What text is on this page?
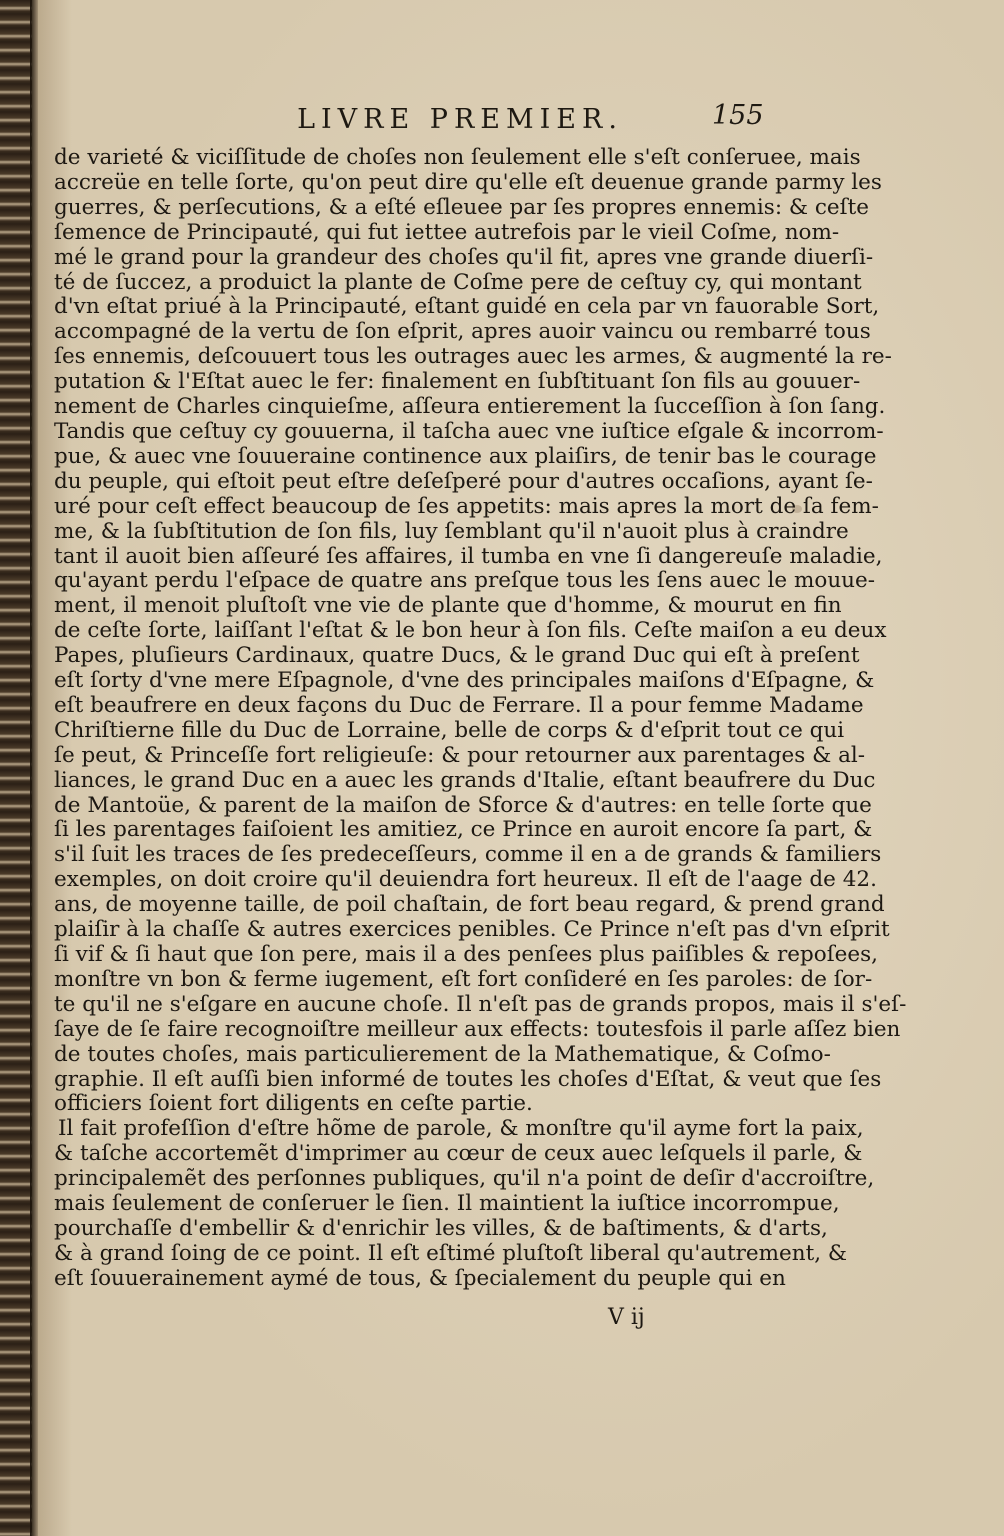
LIVRE PREMIER.	155
de varieté & viciſſitude de choſes non ſeulement elle s'eſt conſeruee, mais
accreüe en telle ſorte, qu'on peut dire qu'elle eſt deuenue grande parmy les
guerres, & perſecutions, & a eſté eſleuee par ſes propres ennemis: & ceſte
ſemence de Principauté, qui fut iettee autrefois par le vieil Coſme, nom-
mé le grand pour la grandeur des choſes qu'il fit, apres vne grande diuerſi-
té de ſuccez, a produict la plante de Coſme pere de ceſtuy cy, qui montant
d'vn eſtat priué à la Principauté, eſtant guidé en cela par vn fauorable Sort,
accompagné de la vertu de ſon eſprit, apres auoir vaincu ou rembarré tous
ſes ennemis, deſcouuert tous les outrages auec les armes, & augmenté la re-
putation & l'Eſtat auec le fer: finalement en ſubſtituant ſon fils au gouuer-
nement de Charles cinquieſme, aſſeura entierement la ſucceſſion à ſon ſang.
Tandis que ceſtuy cy gouuerna, il taſcha auec vne iuſtice eſgale & incorrom-
pue, & auec vne ſouueraine continence aux plaiſirs, de tenir bas le courage
du peuple, qui eſtoit peut eſtre deſeſperé pour d'autres occaſions, ayant ſe-
uré pour ceſt effect beaucoup de ſes appetits: mais apres la mort de ſa fem-
me, & la ſubſtitution de ſon fils, luy ſemblant qu'il n'auoit plus à craindre
tant il auoit bien aſſeuré ſes affaires, il tumba en vne ſi dangereuſe maladie,
qu'ayant perdu l'eſpace de quatre ans preſque tous les ſens auec le mouue-
ment, il menoit pluſtoſt vne vie de plante que d'homme, & mourut en fin
de ceſte ſorte, laiſſant l'eſtat & le bon heur à ſon fils. Ceſte maiſon a eu deux
Papes, pluſieurs Cardinaux, quatre Ducs, & le grand Duc qui eſt à preſent
eſt ſorty d'vne mere Eſpagnole, d'vne des principales maiſons d'Eſpagne, &
eſt beaufrere en deux façons du Duc de Ferrare. Il a pour femme Madame
Chriſtierne fille du Duc de Lorraine, belle de corps & d'eſprit tout ce qui
ſe peut, & Princeſſe fort religieuſe: & pour retourner aux parentages & al-
liances, le grand Duc en a auec les grands d'Italie, eſtant beaufrere du Duc
de Mantoüe, & parent de la maiſon de Sforce & d'autres: en telle ſorte que
ſi les parentages faiſoient les amitiez, ce Prince en auroit encore ſa part, &
s'il ſuit les traces de ſes predeceſſeurs, comme il en a de grands & familiers
exemples, on doit croire qu'il deuiendra fort heureux. Il eſt de l'aage de 42.
ans, de moyenne taille, de poil chaſtain, de fort beau regard, & prend grand
plaiſir à la chaſſe & autres exercices penibles. Ce Prince n'eſt pas d'vn eſprit
ſi vif & ſi haut que ſon pere, mais il a des penſees plus paiſibles & repoſees,
monſtre vn bon & ferme iugement, eſt fort conſideré en ſes paroles: de ſor-
te qu'il ne s'eſgare en aucune choſe. Il n'eſt pas de grands propos, mais il s'eſ-
ſaye de ſe faire recognoiſtre meilleur aux effects: toutesfois il parle aſſez bien
de toutes choſes, mais particulierement de la Mathematique, & Coſmo-
graphie. Il eſt auſſi bien informé de toutes les choſes d'Eſtat, & veut que ſes
officiers ſoient fort diligents en ceſte partie.
Il fait profeſſion d'eſtre hõme de parole, & monſtre qu'il ayme fort la paix,
& taſche accortemẽt d'imprimer au cœur de ceux auec leſquels il parle, &
principalemẽt des perſonnes publiques, qu'il n'a point de deſir d'accroiſtre,
mais ſeulement de conſeruer le ſien. Il maintient la iuſtice incorrompue,
pourchaſſe d'embellir & d'enrichir les villes, & de baſtiments, & d'arts,
& à grand ſoing de ce point. Il eſt eſtimé pluſtoſt liberal qu'autrement, &
eſt ſouuerainement aymé de tous, & ſpecialement du peuple qui en
V ij
